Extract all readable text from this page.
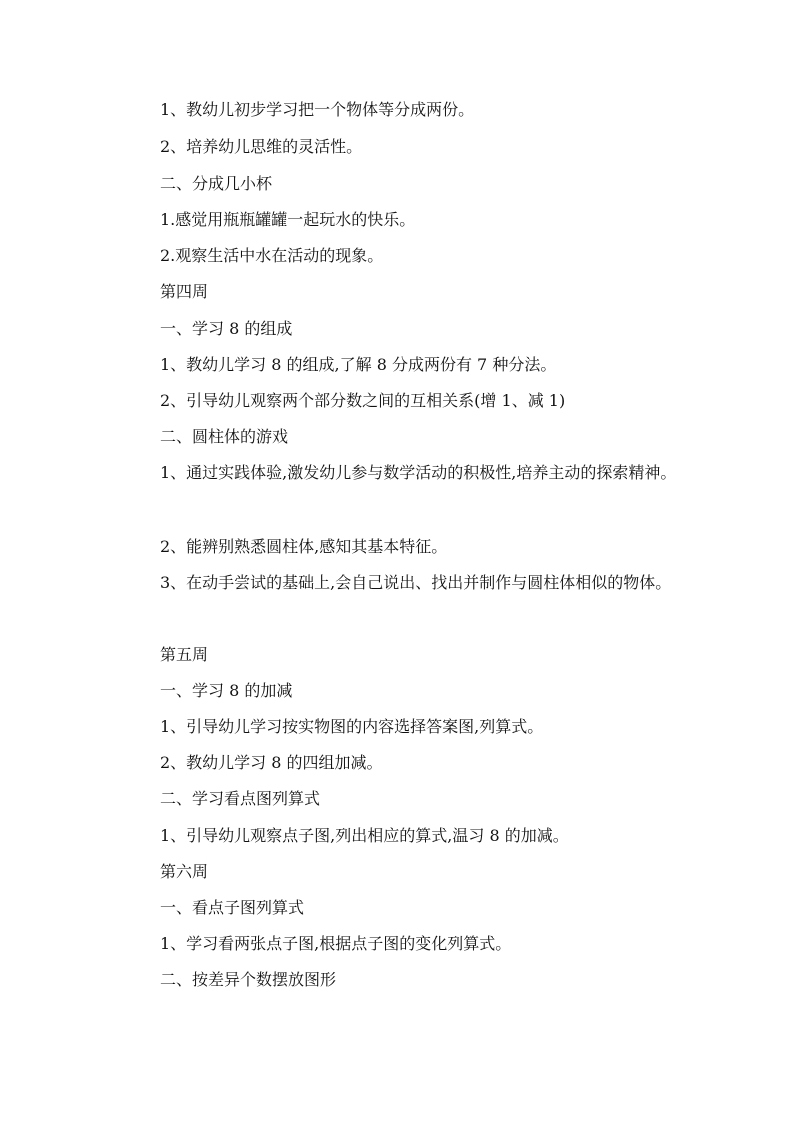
1、教幼儿初步学习把一个物体等分成两份。
2、培养幼儿思维的灵活性。
二、分成几小杯
1.感觉用瓶瓶罐罐一起玩水的快乐。
2.观察生活中水在活动的现象。
第四周
一、学习 8 的组成
1、教幼儿学习 8 的组成,了解 8 分成两份有 7 种分法。
2、引导幼儿观察两个部分数之间的互相关系(增 1、减 1)
二、圆柱体的游戏
1、通过实践体验,激发幼儿参与数学活动的积极性,培养主动的探索精神。
2、能辨别熟悉圆柱体,感知其基本特征。
3、在动手尝试的基础上,会自己说出、找出并制作与圆柱体相似的物体。
第五周
一、学习 8 的加减
1、引导幼儿学习按实物图的内容选择答案图,列算式。
2、教幼儿学习 8 的四组加减。
二、学习看点图列算式
1、引导幼儿观察点子图,列出相应的算式,温习 8 的加减。
第六周
一、看点子图列算式
1、学习看两张点子图,根据点子图的变化列算式。
二、按差异个数摆放图形
